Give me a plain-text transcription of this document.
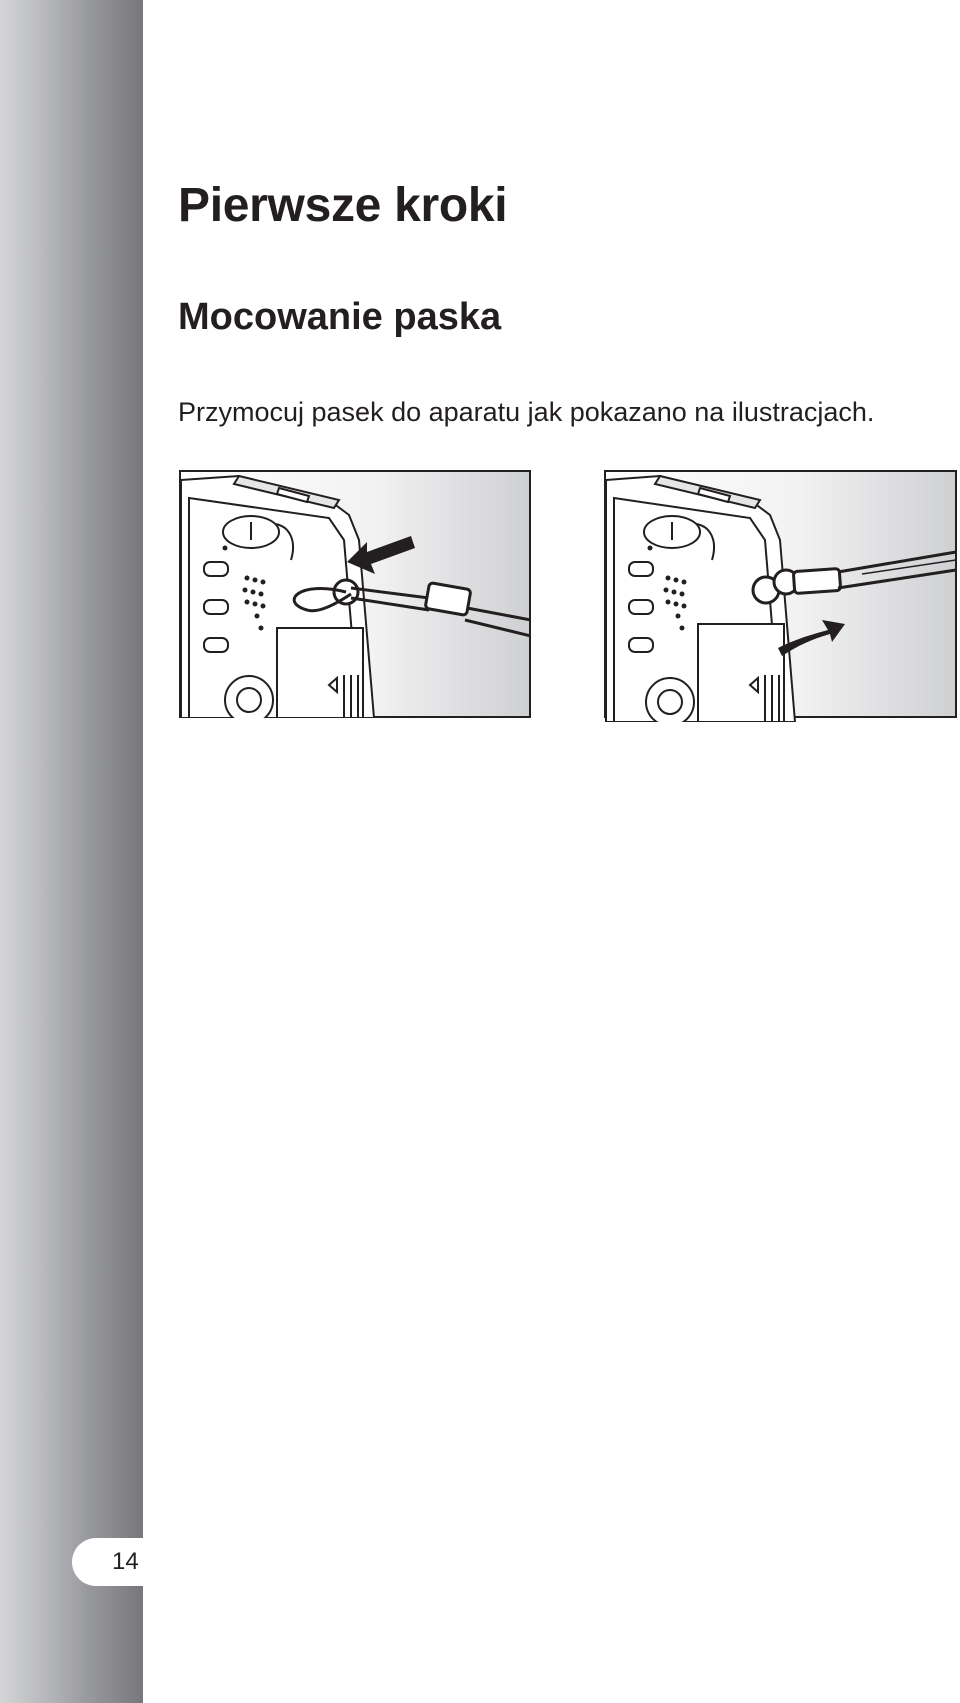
14
Pierwsze kroki
Mocowanie paska

Przymocuj pasek do aparatu jak pokazano na ilustracjach.
